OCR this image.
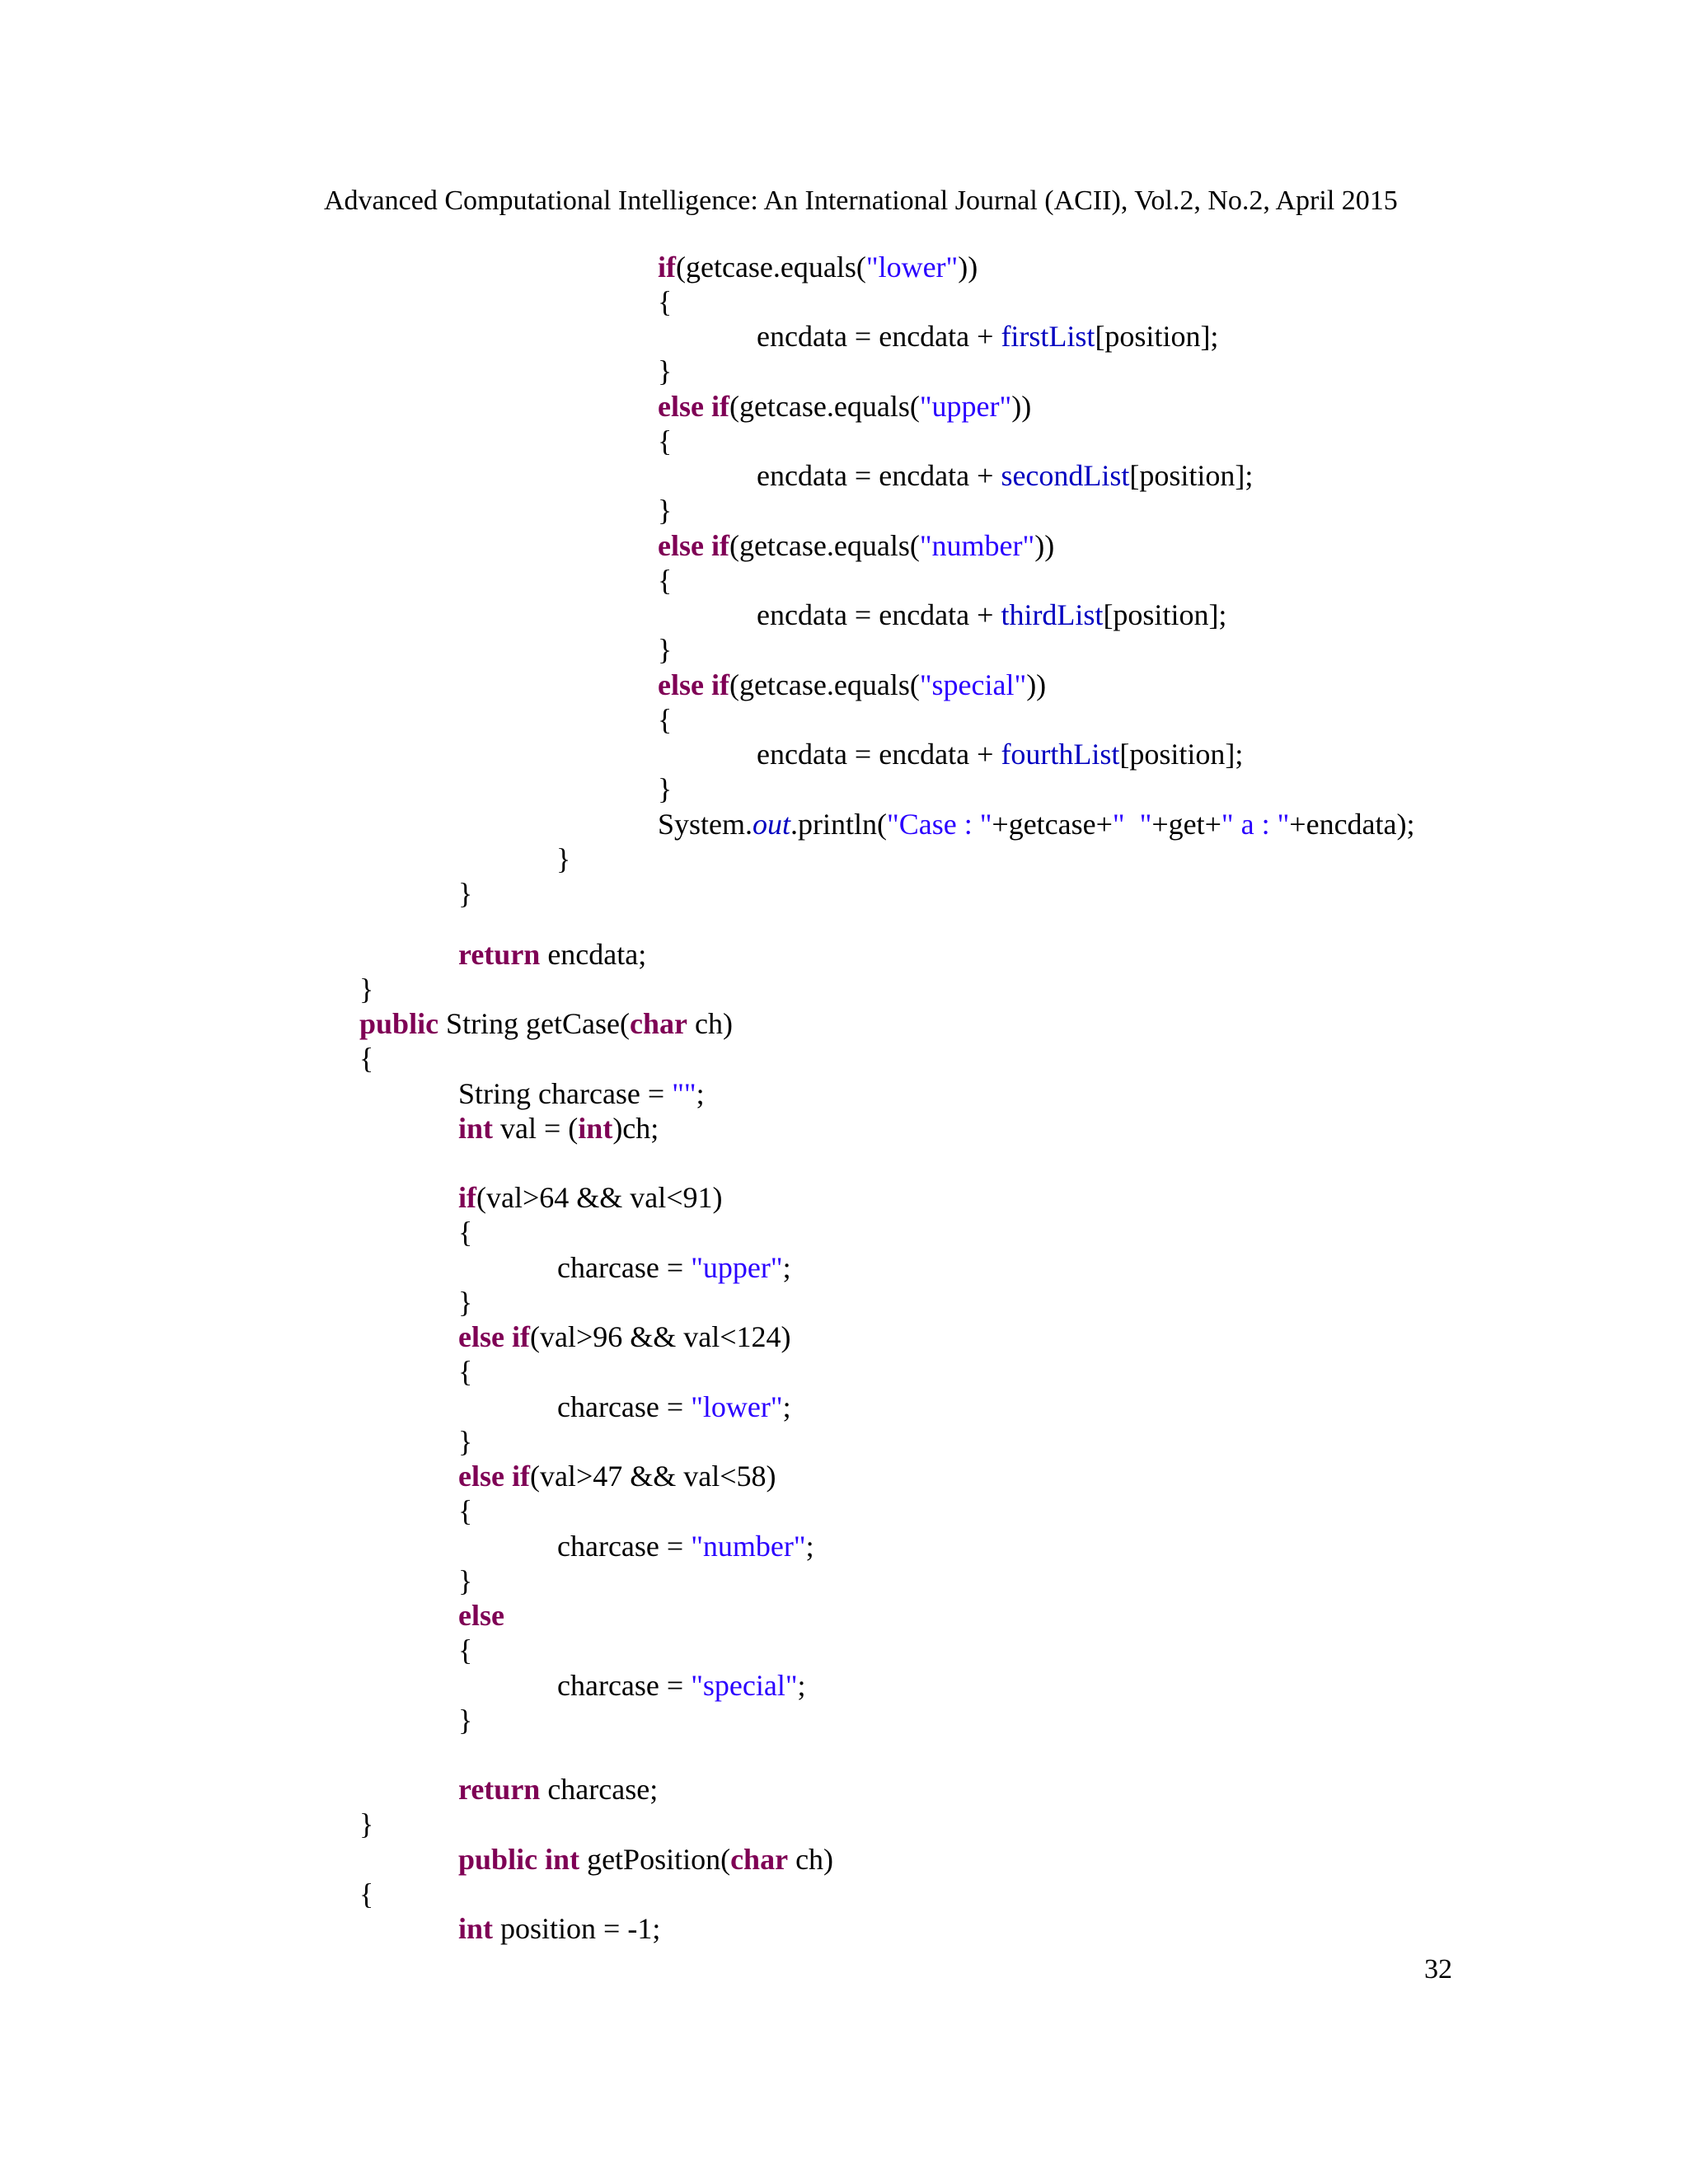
Advanced Computational Intelligence: An International Journal (ACII), Vol.2, No.2, April 2015
if(getcase.equals("lower"))
{
encdata = encdata + firstList[position];
}
else if(getcase.equals("upper"))
{
encdata = encdata + secondList[position];
}
else if(getcase.equals("number"))
{
encdata = encdata + thirdList[position];
}
else if(getcase.equals("special"))
{
encdata = encdata + fourthList[position];
}
System.out.println("Case : "+getcase+"  "+get+" a : "+encdata);
}
}
return encdata;
}
public String getCase(char ch)
{
String charcase = "";
int val = (int)ch;
if(val>64 && val<91)
{
charcase = "upper";
}
else if(val>96 && val<124)
{
charcase = "lower";
}
else if(val>47 && val<58)
{
charcase = "number";
}
else
{
charcase = "special";
}
return charcase;
}
public int getPosition(char ch)
{
int position = -1;
32
